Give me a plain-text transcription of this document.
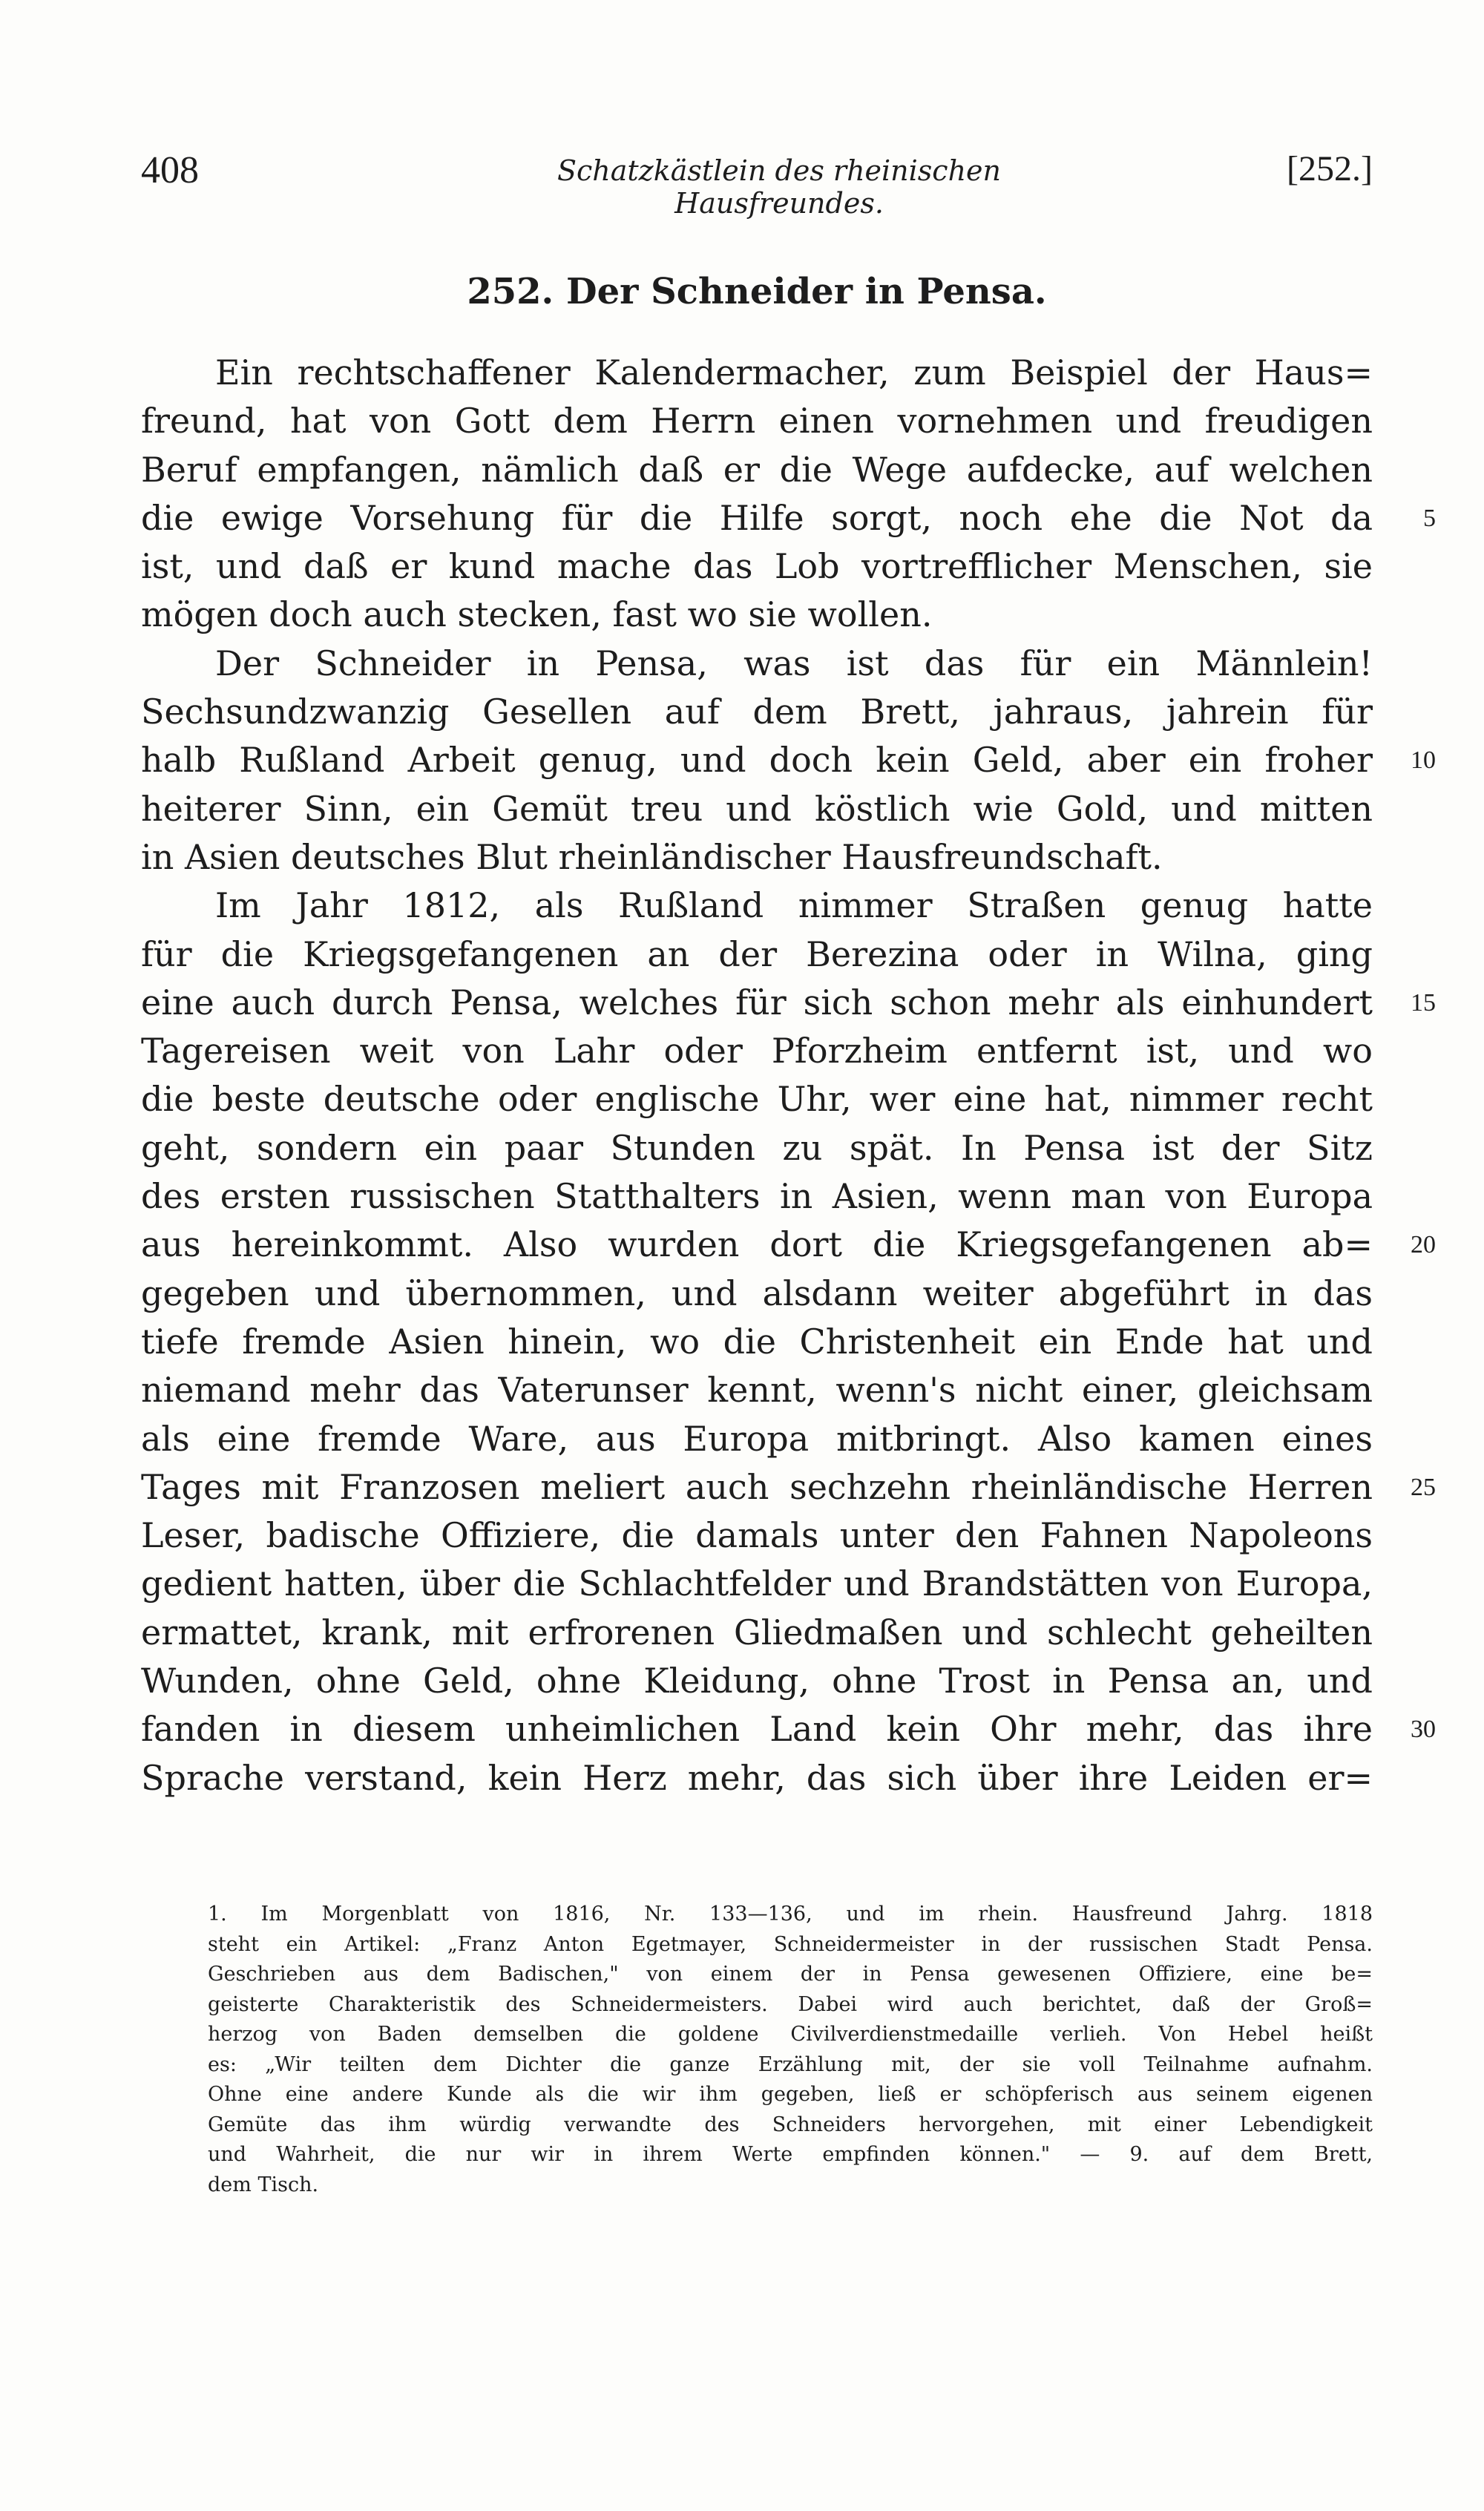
408	Schatzkästlein des rheinischen Hausfreundes.
[252.]
252. Der Schneider in Pensa.
Ein rechtschaffener Kalendermacher, zum Beispiel der Haus=
freund, hat von Gott dem Herrn einen vornehmen und freudigen
Beruf empfangen, nämlich daß er die Wege aufdecke, auf welchen
die ewige Vorsehung für die Hilfe sorgt, noch ehe die Not da	5
ist, und daß er kund mache das Lob vortrefflicher Menschen, sie
mögen doch auch stecken, fast wo sie wollen.
Der Schneider in Pensa, was ist das für ein Männlein!
Sechsundzwanzig Gesellen auf dem Brett, jahraus, jahrein für
halb Rußland Arbeit genug, und doch kein Geld, aber ein froher	10
heiterer Sinn, ein Gemüt treu und köstlich wie Gold, und mitten
in Asien deutsches Blut rheinländischer Hausfreundschaft.
Im Jahr 1812, als Rußland nimmer Straßen genug hatte
für die Kriegsgefangenen an der Berezina oder in Wilna, ging
eine auch durch Pensa, welches für sich schon mehr als einhundert	15
Tagereisen weit von Lahr oder Pforzheim entfernt ist, und wo
die beste deutsche oder englische Uhr, wer eine hat, nimmer recht
geht, sondern ein paar Stunden zu spät. In Pensa ist der Sitz
des ersten russischen Statthalters in Asien, wenn man von Europa
aus hereinkommt. Also wurden dort die Kriegsgefangenen ab=	20
gegeben und übernommen, und alsdann weiter abgeführt in das
tiefe fremde Asien hinein, wo die Christenheit ein Ende hat und
niemand mehr das Vaterunser kennt, wenn's nicht einer, gleichsam
als eine fremde Ware, aus Europa mitbringt. Also kamen eines
Tages mit Franzosen meliert auch sechzehn rheinländische Herren	25
Leser, badische Offiziere, die damals unter den Fahnen Napoleons
gedient hatten, über die Schlachtfelder und Brandstätten von Europa,
ermattet, krank, mit erfrorenen Gliedmaßen und schlecht geheilten
Wunden, ohne Geld, ohne Kleidung, ohne Trost in Pensa an, und
fanden in diesem unheimlichen Land kein Ohr mehr, das ihre	30
Sprache verstand, kein Herz mehr, das sich über ihre Leiden er=
1. Im Morgenblatt von 1816, Nr. 133—136, und im rhein. Hausfreund Jahrg. 1818
steht ein Artikel: „Franz Anton Egetmayer, Schneidermeister in der russischen Stadt Pensa.
Geschrieben aus dem Badischen," von einem der in Pensa gewesenen Offiziere, eine be=
geisterte Charakteristik des Schneidermeisters. Dabei wird auch berichtet, daß der Groß=
herzog von Baden demselben die goldene Civilverdienstmedaille verlieh. Von Hebel heißt
es: „Wir teilten dem Dichter die ganze Erzählung mit, der sie voll Teilnahme aufnahm.
Ohne eine andere Kunde als die wir ihm gegeben, ließ er schöpferisch aus seinem eigenen
Gemüte das ihm würdig verwandte des Schneiders hervorgehen, mit einer Lebendigkeit
und Wahrheit, die nur wir in ihrem Werte empfinden können." — 9. auf dem Brett,
dem Tisch.
